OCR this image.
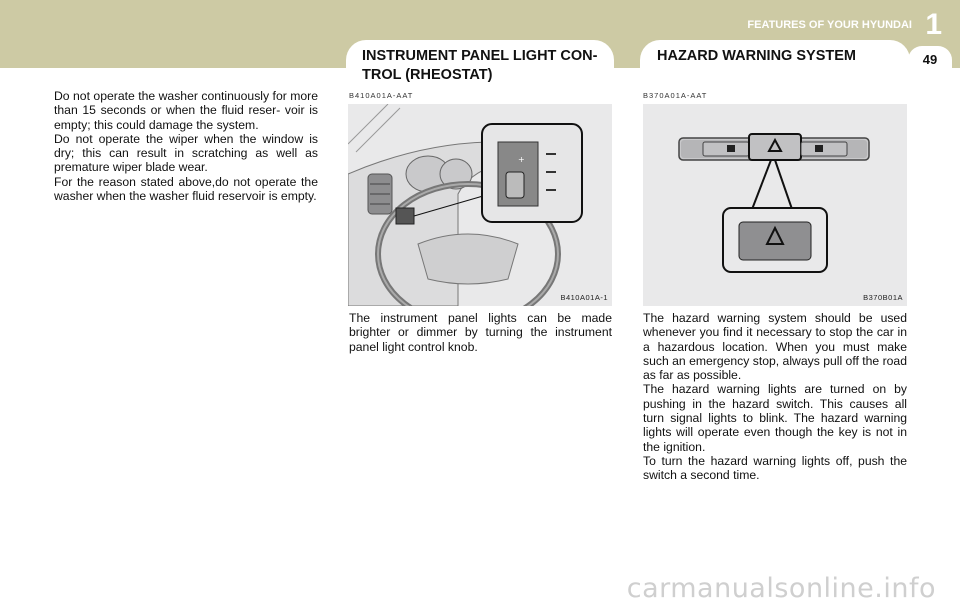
FEATURES OF YOUR HYUNDAI 1
INSTRUMENT PANEL LIGHT CON- TROL (RHEOSTAT)
HAZARD WARNING SYSTEM	49

Do not operate the washer continuously for more than 15 seconds or when the fluid reser- voir is empty; this could damage the system.

Do not operate the wiper when the window is dry; this can result in scratching as well as premature wiper blade wear.

For the reason stated above,do not operate the washer when the washer fluid reservoir is empty.

B410A01A-AAT
+
B410A01A-1

The instrument panel lights can be made brighter or dimmer by turning the instrument panel light control knob.

B370A01A-AAT
B370B01A

The hazard warning system should be used whenever you find it necessary to stop the car in a hazardous location. When you must make such an emergency stop, always pull off the road as far as possible.

The hazard warning lights are turned on by pushing in the hazard switch. This causes all turn signal lights to blink. The hazard warning lights will operate even though the key is not in the ignition.

To turn the hazard warning lights off, push the switch a second time.

carmanualsonline.info
